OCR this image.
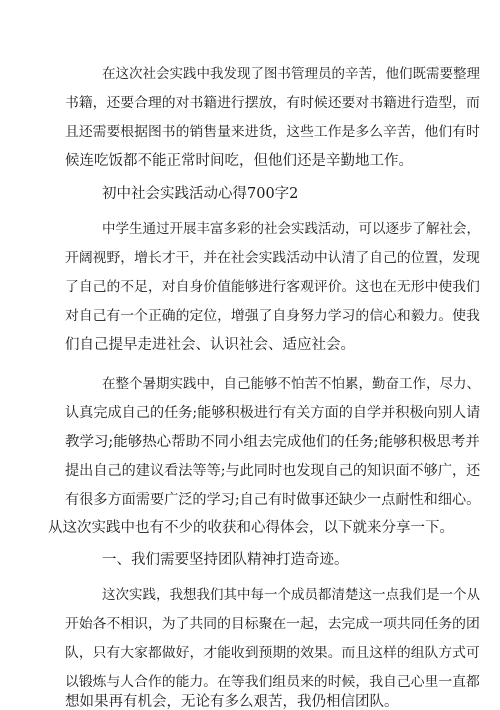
在这次社会实践中我发现了图书管理员的辛苦，他们既需要整理
书籍，还要合理的对书籍进行摆放，有时候还要对书籍进行造型，而
且还需要根据图书的销售量来进货，这些工作是多么辛苦，他们有时
候连吃饭都不能正常时间吃，但他们还是辛勤地工作。
初中社会实践活动心得700字2
中学生通过开展丰富多彩的社会实践活动，可以逐步了解社会，
开阔视野，增长才干，并在社会实践活动中认清了自己的位置，发现
了自己的不足，对自身价值能够进行客观评价。这也在无形中使我们
对自己有一个正确的定位，增强了自身努力学习的信心和毅力。使我
们自己提早走进社会、认识社会、适应社会。
在整个暑期实践中，自己能够不怕苦不怕累，勤奋工作，尽力、
认真完成自己的任务;能够积极进行有关方面的自学并积极向别人请
教学习;能够热心帮助不同小组去完成他们的任务;能够积极思考并
提出自己的建议看法等等;与此同时也发现自己的知识面不够广，还
有很多方面需要广泛的学习;自己有时做事还缺少一点耐性和细心。
从这次实践中也有不少的收获和心得体会，以下就来分享一下。
一、我们需要坚持团队精神打造奇迹。
这次实践，我想我们其中每一个成员都清楚这一点我们是一个从
开始各不相识，为了共同的目标聚在一起，去完成一项共同任务的团
队，只有大家都做好，才能收到预期的效果。而且这样的组队方式可
以锻炼与人合作的能力。在等我们组员来的时候，我自己心里一直都
想如果再有机会，无论有多么艰苦，我仍相信团队。
